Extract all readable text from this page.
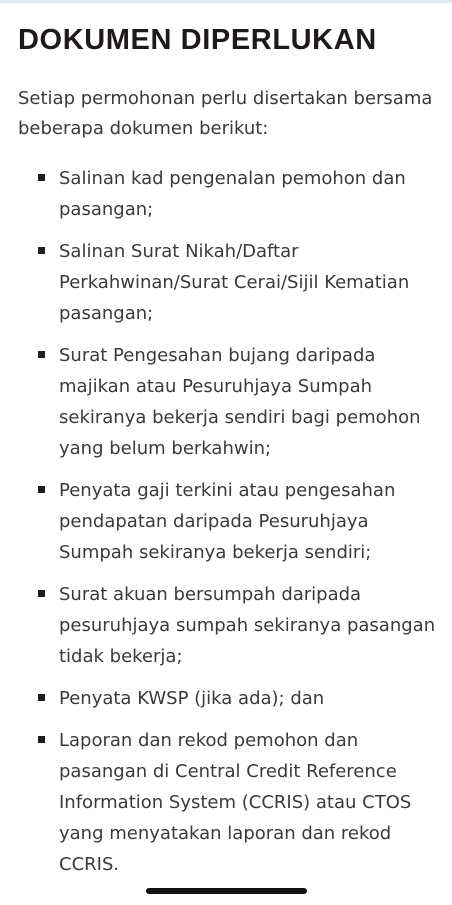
DOKUMEN DIPERLUKAN

Setiap permohonan perlu disertakan bersama beberapa dokumen berikut:

Salinan kad pengenalan pemohon dan pasangan;
Salinan Surat Nikah/Daftar Perkahwinan/Surat Cerai/Sijil Kematian pasangan;
Surat Pengesahan bujang daripada majikan atau Pesuruhjaya Sumpah sekiranya bekerja sendiri bagi pemohon yang belum berkahwin;
Penyata gaji terkini atau pengesahan pendapatan daripada Pesuruhjaya Sumpah sekiranya bekerja sendiri;
Surat akuan bersumpah daripada pesuruhjaya sumpah sekiranya pasangan tidak bekerja;
Penyata KWSP (jika ada); dan
Laporan dan rekod pemohon dan pasangan di Central Credit Reference Information System (CCRIS) atau CTOS yang menyatakan laporan dan rekod CCRIS.
